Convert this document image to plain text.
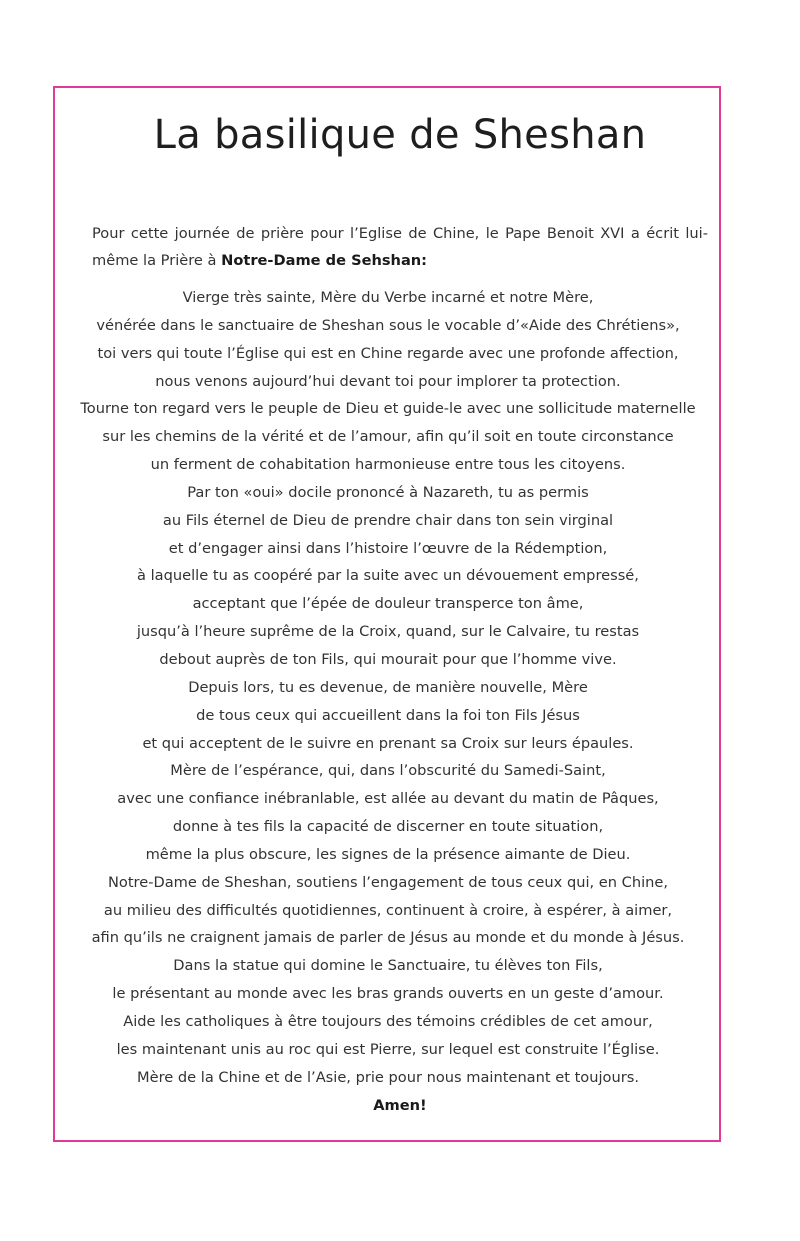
La basilique de Sheshan

Pour cette journée de prière pour l’Eglise de Chine, le Pape Benoit XVI a écrit lui-même la Prière à Notre-Dame de Sehshan:

Vierge très sainte, Mère du Verbe incarné et notre Mère,
vénérée dans le sanctuaire de Sheshan sous le vocable d’«Aide des Chrétiens»,
toi vers qui toute l’Église qui est en Chine regarde avec une profonde affection,
nous venons aujourd’hui devant toi pour implorer ta protection.
Tourne ton regard vers le peuple de Dieu et guide-le avec une sollicitude maternelle
sur les chemins de la vérité et de l’amour, afin qu’il soit en toute circonstance
un ferment de cohabitation harmonieuse entre tous les citoyens.
Par ton «oui» docile prononcé à Nazareth, tu as permis
au Fils éternel de Dieu de prendre chair dans ton sein virginal
et d’engager ainsi dans l’histoire l’œuvre de la Rédemption,
à laquelle tu as coopéré par la suite avec un dévouement empressé,
acceptant que l’épée de douleur transperce ton âme,
jusqu’à l’heure suprême de la Croix, quand, sur le Calvaire, tu restas
debout auprès de ton Fils, qui mourait pour que l’homme vive.
Depuis lors, tu es devenue, de manière nouvelle, Mère
de tous ceux qui accueillent dans la foi ton Fils Jésus
et qui acceptent de le suivre en prenant sa Croix sur leurs épaules.
Mère de l’espérance, qui, dans l’obscurité du Samedi-Saint,
avec une confiance inébranlable, est allée au devant du matin de Pâques,
donne à tes fils la capacité de discerner en toute situation,
même la plus obscure, les signes de la présence aimante de Dieu.
Notre-Dame de Sheshan, soutiens l’engagement de tous ceux qui, en Chine,
au milieu des difficultés quotidiennes, continuent à croire, à espérer, à aimer,
afin qu’ils ne craignent jamais de parler de Jésus au monde et du monde à Jésus.
Dans la statue qui domine le Sanctuaire, tu élèves ton Fils,
le présentant au monde avec les bras grands ouverts en un geste d’amour.
Aide les catholiques à être toujours des témoins crédibles de cet amour,
les maintenant unis au roc qui est Pierre, sur lequel est construite l’Église.
Mère de la Chine et de l’Asie, prie pour nous maintenant et toujours.

Amen!
